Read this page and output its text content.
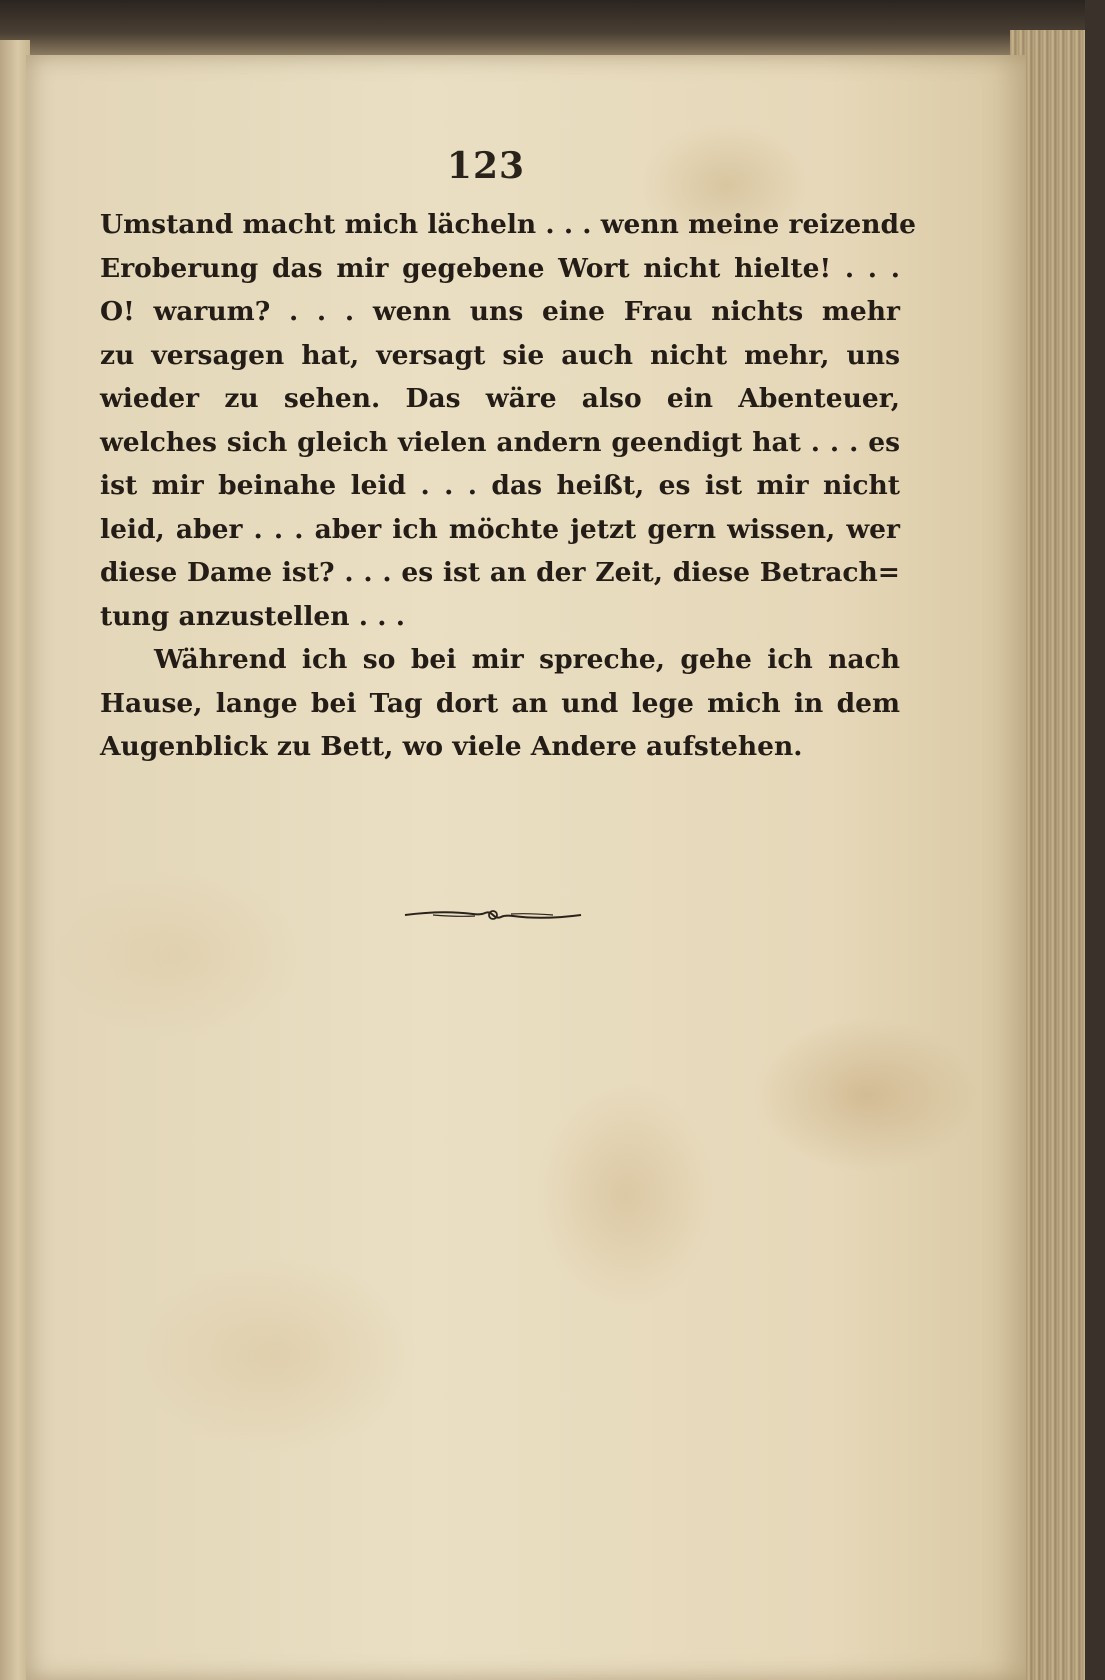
123
Umstand macht mich lächeln . . . wenn meine reizende
Eroberung das mir gegebene Wort nicht hielte! . . .
O! warum? . . . wenn uns eine Frau nichts mehr
zu versagen hat, versagt sie auch nicht mehr, uns
wieder zu sehen. Das wäre also ein Abenteuer,
welches sich gleich vielen andern geendigt hat . . . es
ist mir beinahe leid . . . das heißt, es ist mir nicht
leid, aber . . . aber ich möchte jetzt gern wissen, wer
diese Dame ist? . . . es ist an der Zeit, diese Betrach=
tung anzustellen . . .
Während ich so bei mir spreche, gehe ich nach
Hause, lange bei Tag dort an und lege mich in dem
Augenblick zu Bett, wo viele Andere aufstehen.
